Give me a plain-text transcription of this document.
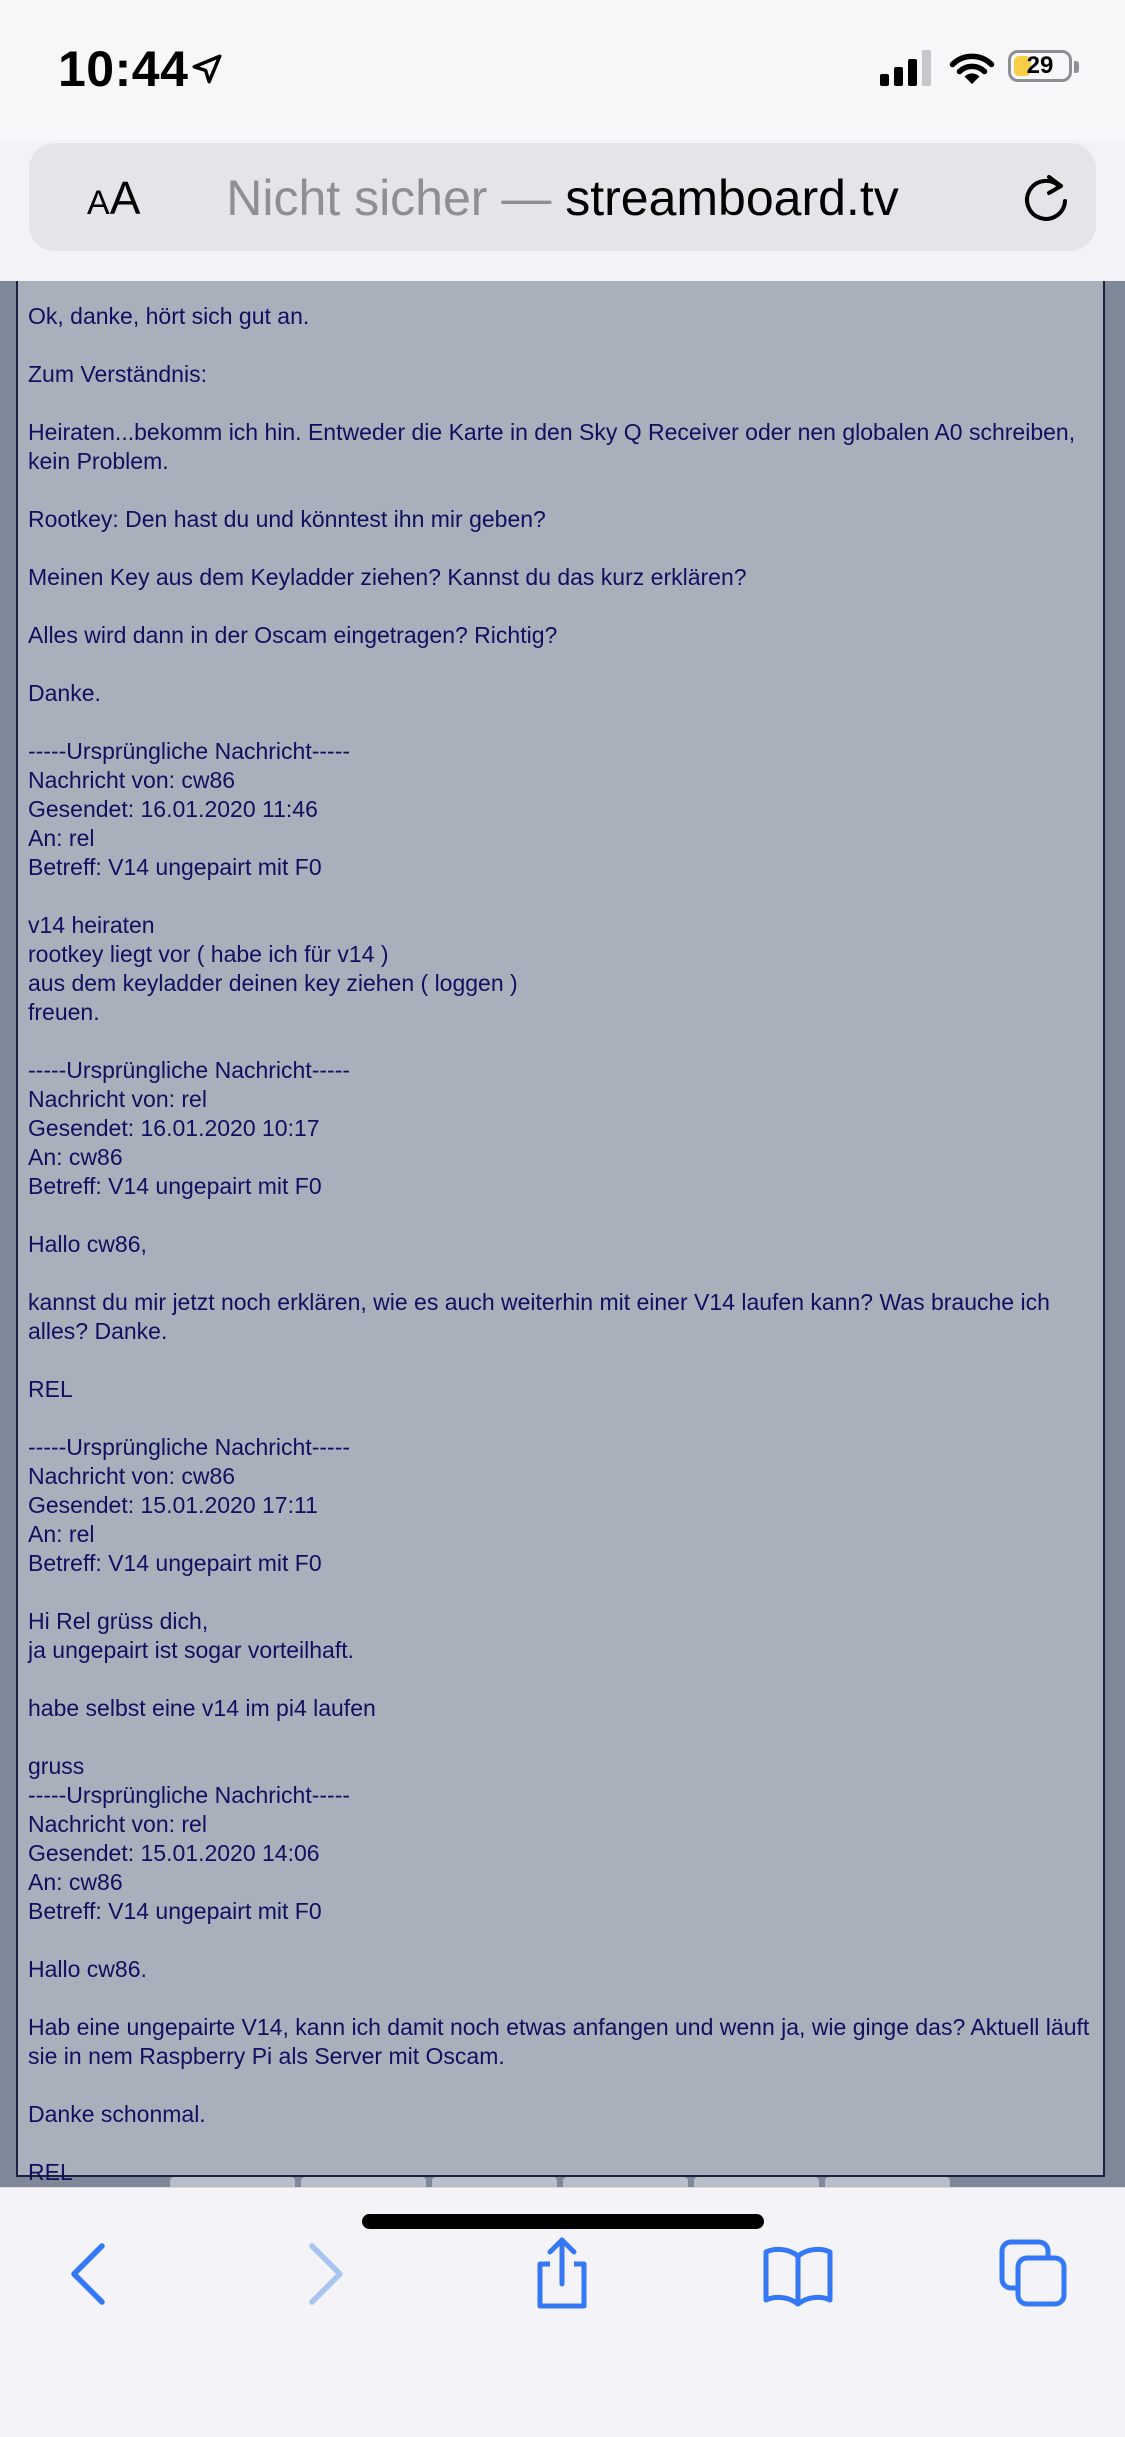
10:44	29
AA	Nicht sicher — streamboard.tv

Ok, danke, hört sich gut an.

Zum Verständnis:

Heiraten...bekomm ich hin. Entweder die Karte in den Sky Q Receiver oder nen globalen A0 schreiben, kein Problem.

Rootkey: Den hast du und könntest ihn mir geben?

Meinen Key aus dem Keyladder ziehen? Kannst du das kurz erklären?

Alles wird dann in der Oscam eingetragen? Richtig?

Danke.

-----Ursprüngliche Nachricht-----

Nachricht von: cw86

Gesendet: 16.01.2020 11:46

An: rel

Betreff: V14 ungepairt mit F0

v14 heiraten

rootkey liegt vor ( habe ich für v14 )

aus dem keyladder deinen key ziehen ( loggen )

freuen.

-----Ursprüngliche Nachricht-----

Nachricht von: rel

Gesendet: 16.01.2020 10:17

An: cw86

Betreff: V14 ungepairt mit F0

Hallo cw86,

kannst du mir jetzt noch erklären, wie es auch weiterhin mit einer V14 laufen kann? Was brauche ich alles? Danke.

REL

-----Ursprüngliche Nachricht-----

Nachricht von: cw86

Gesendet: 15.01.2020 17:11

An: rel

Betreff: V14 ungepairt mit F0

Hi Rel grüss dich,

ja ungepairt ist sogar vorteilhaft.

habe selbst eine v14 im pi4 laufen

gruss

-----Ursprüngliche Nachricht-----

Nachricht von: rel

Gesendet: 15.01.2020 14:06

An: cw86

Betreff: V14 ungepairt mit F0

Hallo cw86.

Hab eine ungepairte V14, kann ich damit noch etwas anfangen und wenn ja, wie ginge das? Aktuell läuft sie in nem Raspberry Pi als Server mit Oscam.

Danke schonmal.

REL
